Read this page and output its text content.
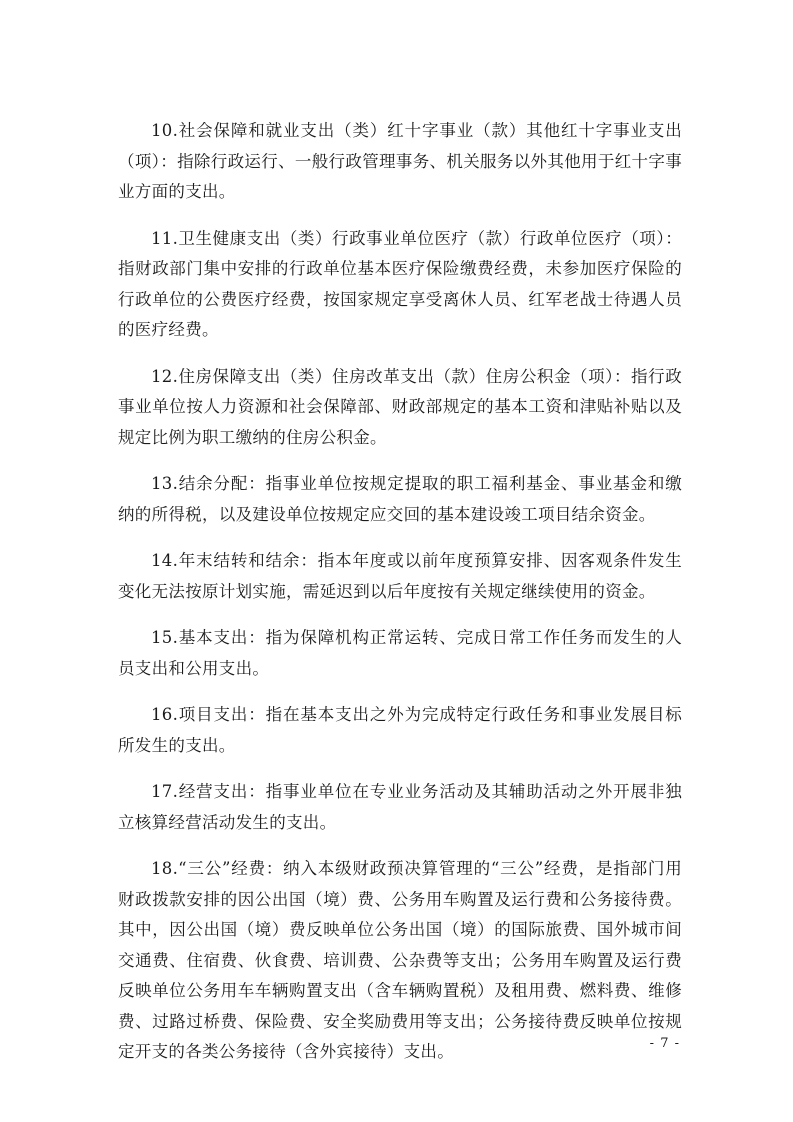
10.社会保障和就业支出（类）红十字事业（款）其他红十字事业支出（项）：指除行政运行、一般行政管理事务、机关服务以外其他用于红十字事业方面的支出。

11.卫生健康支出（类）行政事业单位医疗（款）行政单位医疗（项）：指财政部门集中安排的行政单位基本医疗保险缴费经费，未参加医疗保险的行政单位的公费医疗经费，按国家规定享受离休人员、红军老战士待遇人员的医疗经费。

12.住房保障支出（类）住房改革支出（款）住房公积金（项）：指行政事业单位按人力资源和社会保障部、财政部规定的基本工资和津贴补贴以及规定比例为职工缴纳的住房公积金。

13.结余分配：指事业单位按规定提取的职工福利基金、事业基金和缴纳的所得税，以及建设单位按规定应交回的基本建设竣工项目结余资金。

14.年末结转和结余：指本年度或以前年度预算安排、因客观条件发生变化无法按原计划实施，需延迟到以后年度按有关规定继续使用的资金。

15.基本支出：指为保障机构正常运转、完成日常工作任务而发生的人员支出和公用支出。

16.项目支出：指在基本支出之外为完成特定行政任务和事业发展目标所发生的支出。

17.经营支出：指事业单位在专业业务活动及其辅助活动之外开展非独立核算经营活动发生的支出。

18.“三公”经费：纳入本级财政预决算管理的“三公”经费，是指部门用财政拨款安排的因公出国（境）费、公务用车购置及运行费和公务接待费。其中，因公出国（境）费反映单位公务出国（境）的国际旅费、国外城市间交通费、住宿费、伙食费、培训费、公杂费等支出；公务用车购置及运行费反映单位公务用车车辆购置支出（含车辆购置税）及租用费、燃料费、维修费、过路过桥费、保险费、安全奖励费用等支出；公务接待费反映单位按规定开支的各类公务接待（含外宾接待）支出。	- 7 -
